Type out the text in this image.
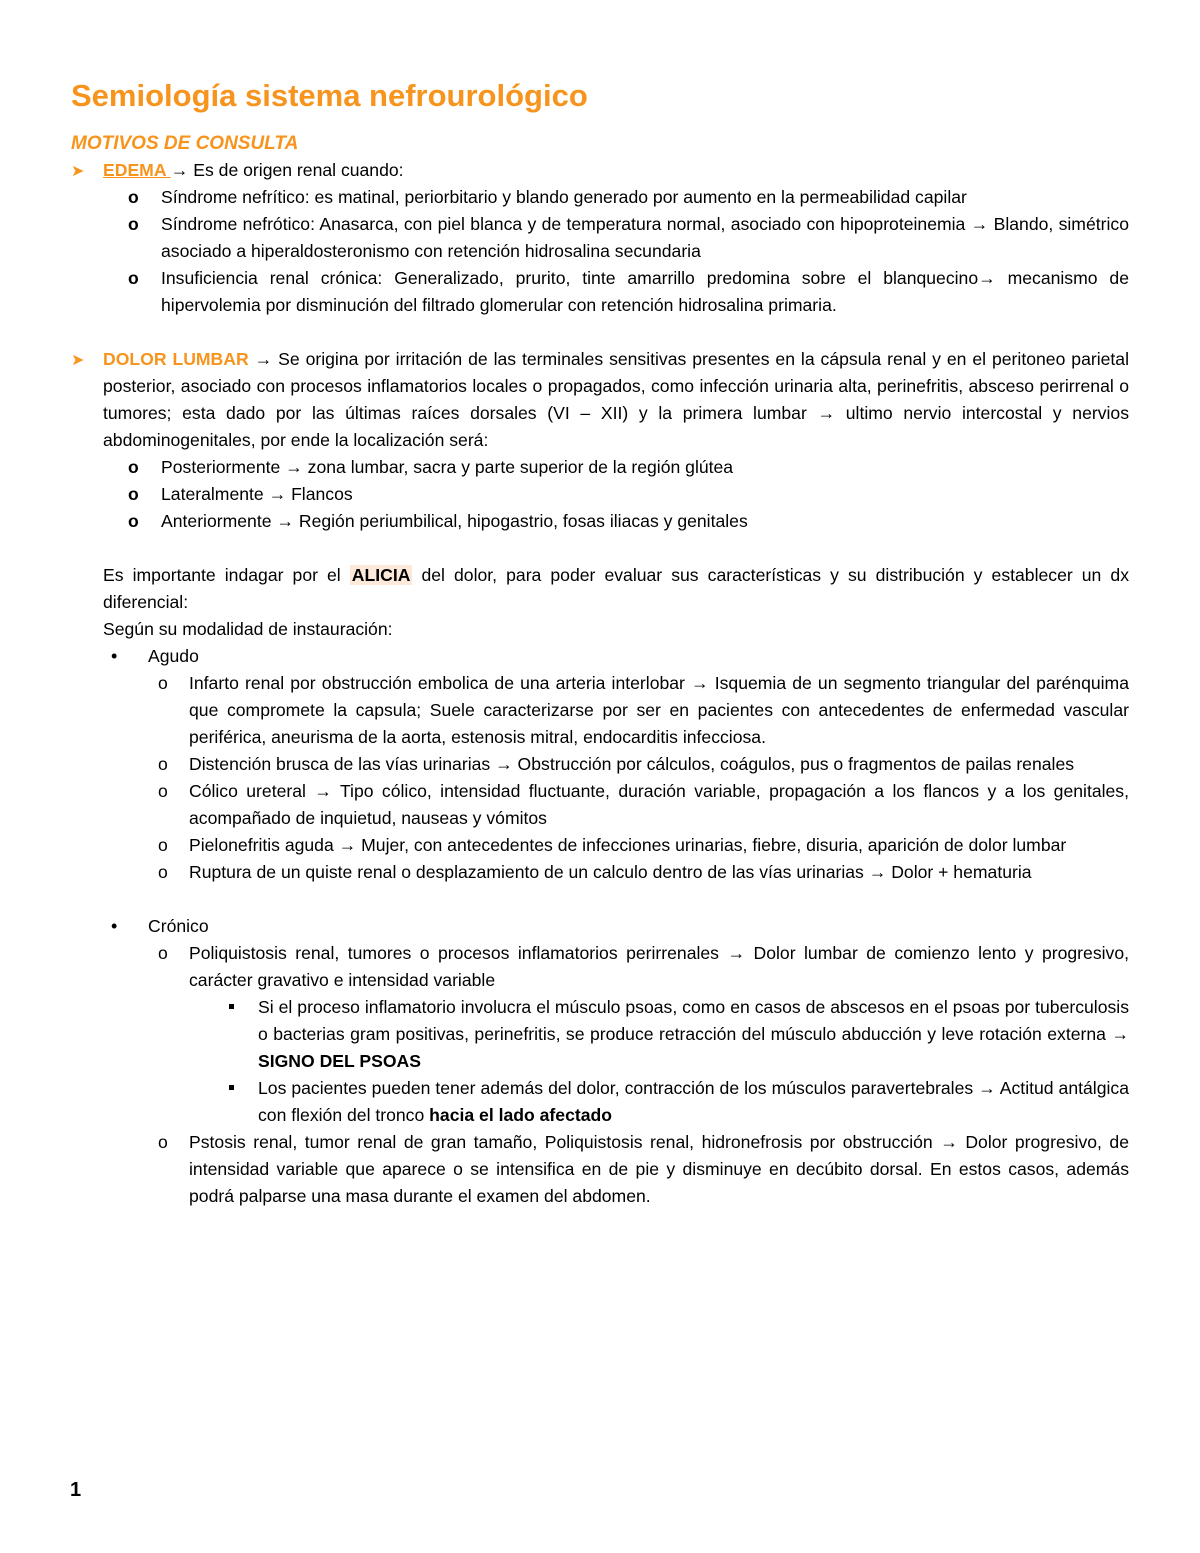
Semiología sistema nefrourológico
MOTIVOS DE CONSULTA
➤ EDEMA → Es de origen renal cuando:
o Síndrome nefrítico: es matinal, periorbitario y blando generado por aumento en la permeabilidad capilar
o Síndrome nefrótico: Anasarca, con piel blanca y de temperatura normal, asociado con hipoproteinemia → Blando, simétrico asociado a hiperaldosteronismo con retención hidrosalina secundaria
o Insuficiencia renal crónica: Generalizado, prurito, tinte amarrillo predomina sobre el blanquecino→ mecanismo de hipervolemia por disminución del filtrado glomerular con retención hidrosalina primaria.
➤ DOLOR LUMBAR → Se origina por irritación de las terminales sensitivas presentes en la cápsula renal y en el peritoneo parietal posterior, asociado con procesos inflamatorios locales o propagados, como infección urinaria alta, perinefritis, absceso perirrenal o tumores; esta dado por las últimas raíces dorsales (VI – XII) y la primera lumbar → ultimo nervio intercostal y nervios abdominogenitales, por ende la localización será:
o Posteriormente → zona lumbar, sacra y parte superior de la región glútea
o Lateralmente → Flancos
o Anteriormente → Región periumbilical, hipogastrio, fosas iliacas y genitales
Es importante indagar por el ALICIA del dolor, para poder evaluar sus características y su distribución y establecer un dx diferencial:
Según su modalidad de instauración:
• Agudo
o Infarto renal por obstrucción embolica de una arteria interlobar → Isquemia de un segmento triangular del parénquima que compromete la capsula; Suele caracterizarse por ser en pacientes con antecedentes de enfermedad vascular periférica, aneurisma de la aorta, estenosis mitral, endocarditis infecciosa.
o Distención brusca de las vías urinarias → Obstrucción por cálculos, coágulos, pus o fragmentos de pailas renales
o Cólico ureteral → Tipo cólico, intensidad fluctuante, duración variable, propagación a los flancos y a los genitales, acompañado de inquietud, nauseas y vómitos
o Pielonefritis aguda → Mujer, con antecedentes de infecciones urinarias, fiebre, disuria, aparición de dolor lumbar
o Ruptura de un quiste renal o desplazamiento de un calculo dentro de las vías urinarias → Dolor + hematuria
• Crónico
o Poliquistosis renal, tumores o procesos inflamatorios perirrenales → Dolor lumbar de comienzo lento y progresivo, carácter gravativo e intensidad variable
Si el proceso inflamatorio involucra el músculo psoas, como en casos de abscesos en el psoas por tuberculosis o bacterias gram positivas, perinefritis, se produce retracción del músculo abducción y leve rotación externa → SIGNO DEL PSOAS
Los pacientes pueden tener además del dolor, contracción de los músculos paravertebrales → Actitud antálgica con flexión del tronco hacia el lado afectado
o Pstosis renal, tumor renal de gran tamaño, Poliquistosis renal, hidronefrosis por obstrucción → Dolor progresivo, de intensidad variable que aparece o se intensifica en de pie y disminuye en decúbito dorsal. En estos casos, además podrá palparse una masa durante el examen del abdomen.
1
